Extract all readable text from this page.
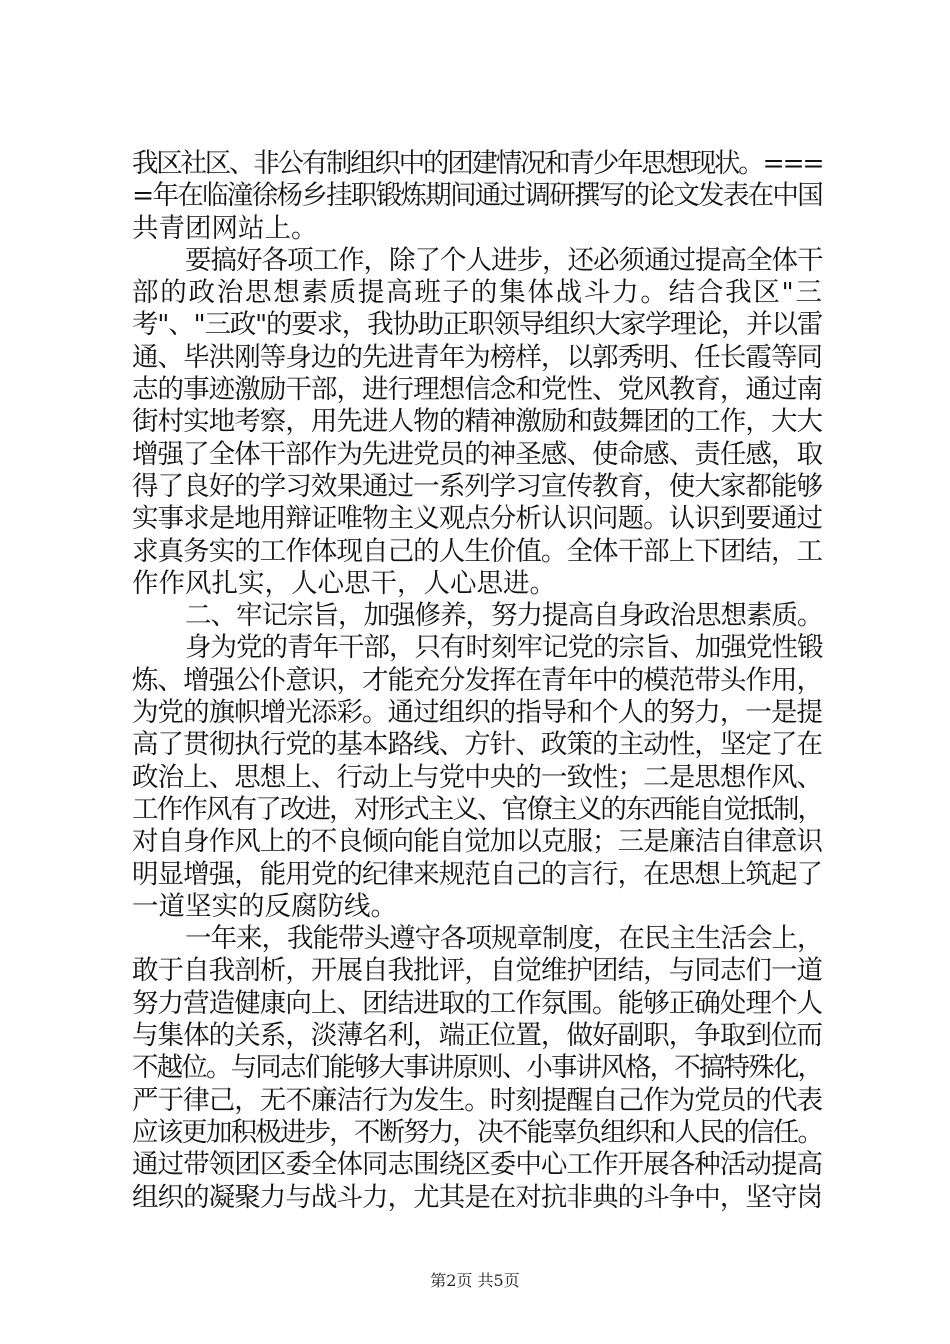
我区社区、非公有制组织中的团建情况和青少年思想现状。===
=年在临潼徐杨乡挂职锻炼期间通过调研撰写的论文发表在中国
共青团网站上。
要搞好各项工作，除了个人进步，还必须通过提高全体干
部的政治思想素质提高班子的集体战斗力。结合我区"三
考"、"三政"的要求，我协助正职领导组织大家学理论，并以雷
通、毕洪刚等身边的先进青年为榜样，以郭秀明、任长霞等同
志的事迹激励干部，进行理想信念和党性、党风教育，通过南
街村实地考察，用先进人物的精神激励和鼓舞团的工作，大大
增强了全体干部作为先进党员的神圣感、使命感、责任感，取
得了良好的学习效果通过一系列学习宣传教育，使大家都能够
实事求是地用辩证唯物主义观点分析认识问题。认识到要通过
求真务实的工作体现自己的人生价值。全体干部上下团结，工
作作风扎实，人心思干，人心思进。
二、牢记宗旨，加强修养，努力提高自身政治思想素质。
身为党的青年干部，只有时刻牢记党的宗旨、加强党性锻
炼、增强公仆意识，才能充分发挥在青年中的模范带头作用，
为党的旗帜增光添彩。通过组织的指导和个人的努力，一是提
高了贯彻执行党的基本路线、方针、政策的主动性，坚定了在
政治上、思想上、行动上与党中央的一致性；二是思想作风、
工作作风有了改进，对形式主义、官僚主义的东西能自觉抵制，
对自身作风上的不良倾向能自觉加以克服；三是廉洁自律意识
明显增强，能用党的纪律来规范自己的言行，在思想上筑起了
一道坚实的反腐防线。
一年来，我能带头遵守各项规章制度，在民主生活会上，
敢于自我剖析，开展自我批评，自觉维护团结，与同志们一道
努力营造健康向上、团结进取的工作氛围。能够正确处理个人
与集体的关系，淡薄名利，端正位置，做好副职，争取到位而
不越位。与同志们能够大事讲原则、小事讲风格，不搞特殊化，
严于律己，无不廉洁行为发生。时刻提醒自己作为党员的代表
应该更加积极进步，不断努力，决不能辜负组织和人民的信任。
通过带领团区委全体同志围绕区委中心工作开展各种活动提高
组织的凝聚力与战斗力，尤其是在对抗非典的斗争中，坚守岗
第2页 共5页
